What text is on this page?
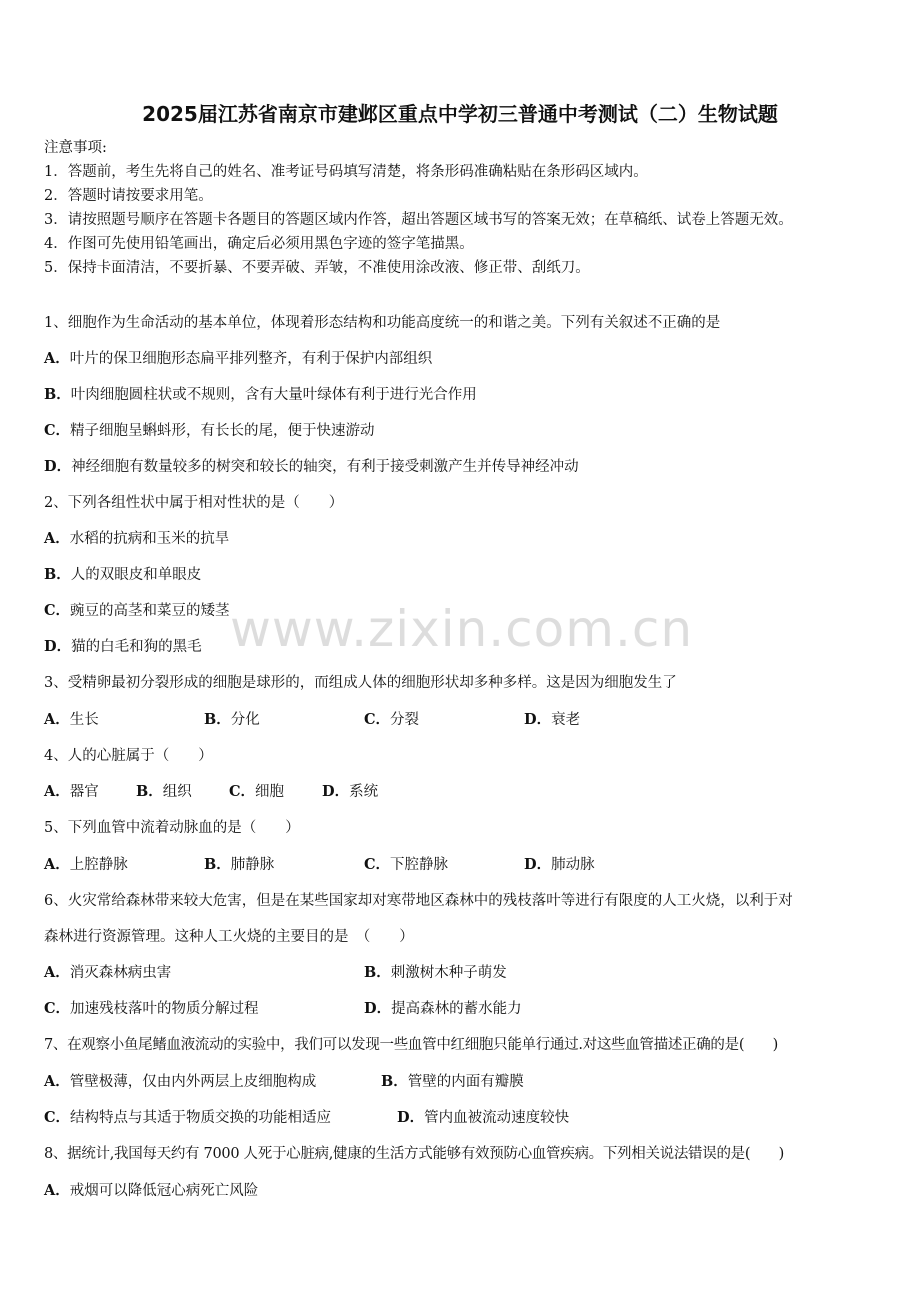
2025届江苏省南京市建邺区重点中学初三普通中考测试（二）生物试题
注意事项:
1．答题前，考生先将自己的姓名、准考证号码填写清楚，将条形码准确粘贴在条形码区域内。
2．答题时请按要求用笔。
3．请按照题号顺序在答题卡各题目的答题区域内作答，超出答题区域书写的答案无效；在草稿纸、试卷上答题无效。
4．作图可先使用铅笔画出，确定后必须用黑色字迹的签字笔描黑。
5．保持卡面清洁，不要折暴、不要弄破、弄皱，不准使用涂改液、修正带、刮纸刀。
1、细胞作为生命活动的基本单位，体现着形态结构和功能高度统一的和谐之美。下列有关叙述不正确的是
A．叶片的保卫细胞形态扁平排列整齐，有利于保护内部组织
B．叶肉细胞圆柱状或不规则，含有大量叶绿体有利于进行光合作用
C．精子细胞呈蝌蚪形，有长长的尾，便于快速游动
D．神经细胞有数量较多的树突和较长的轴突，有利于接受刺激产生并传导神经冲动
2、下列各组性状中属于相对性状的是（　　）
A．水稻的抗病和玉米的抗旱
B．人的双眼皮和单眼皮
C．豌豆的高茎和菜豆的矮茎
D．猫的白毛和狗的黑毛
3、受精卵最初分裂形成的细胞是球形的，而组成人体的细胞形状却多种多样。这是因为细胞发生了
A．生长	B．分化	C．分裂	D．衰老
4、人的心脏属于（　　）
A．器官	B．组织	C．细胞	D．系统
5、下列血管中流着动脉血的是（　　）
A．上腔静脉	B．肺静脉	C．下腔静脉	D．肺动脉
6、火灾常给森林带来较大危害，但是在某些国家却对寒带地区森林中的残枝落叶等进行有限度的人工火烧，以利于对
森林进行资源管理。这种人工火烧的主要目的是　（　　）
A．消灭森林病虫害	B．刺激树木种子萌发
C．加速残枝落叶的物质分解过程	D．提高森林的蓄水能力
7、在观察小鱼尾鳍血液流动的实验中，我们可以发现一些血管中红细胞只能单行通过.对这些血管描述正确的是(　　)
A．管壁极薄，仅由内外两层上皮细胞构成	B．管壁的内面有瓣膜
C．结构特点与其适于物质交换的功能相适应	D．管内血被流动速度较快
8、据统计,我国每天约有 7000 人死于心脏病,健康的生活方式能够有效预防心血管疾病。下列相关说法错误的是(　　)
A．戒烟可以降低冠心病死亡风险
www.zixin.com.cn
